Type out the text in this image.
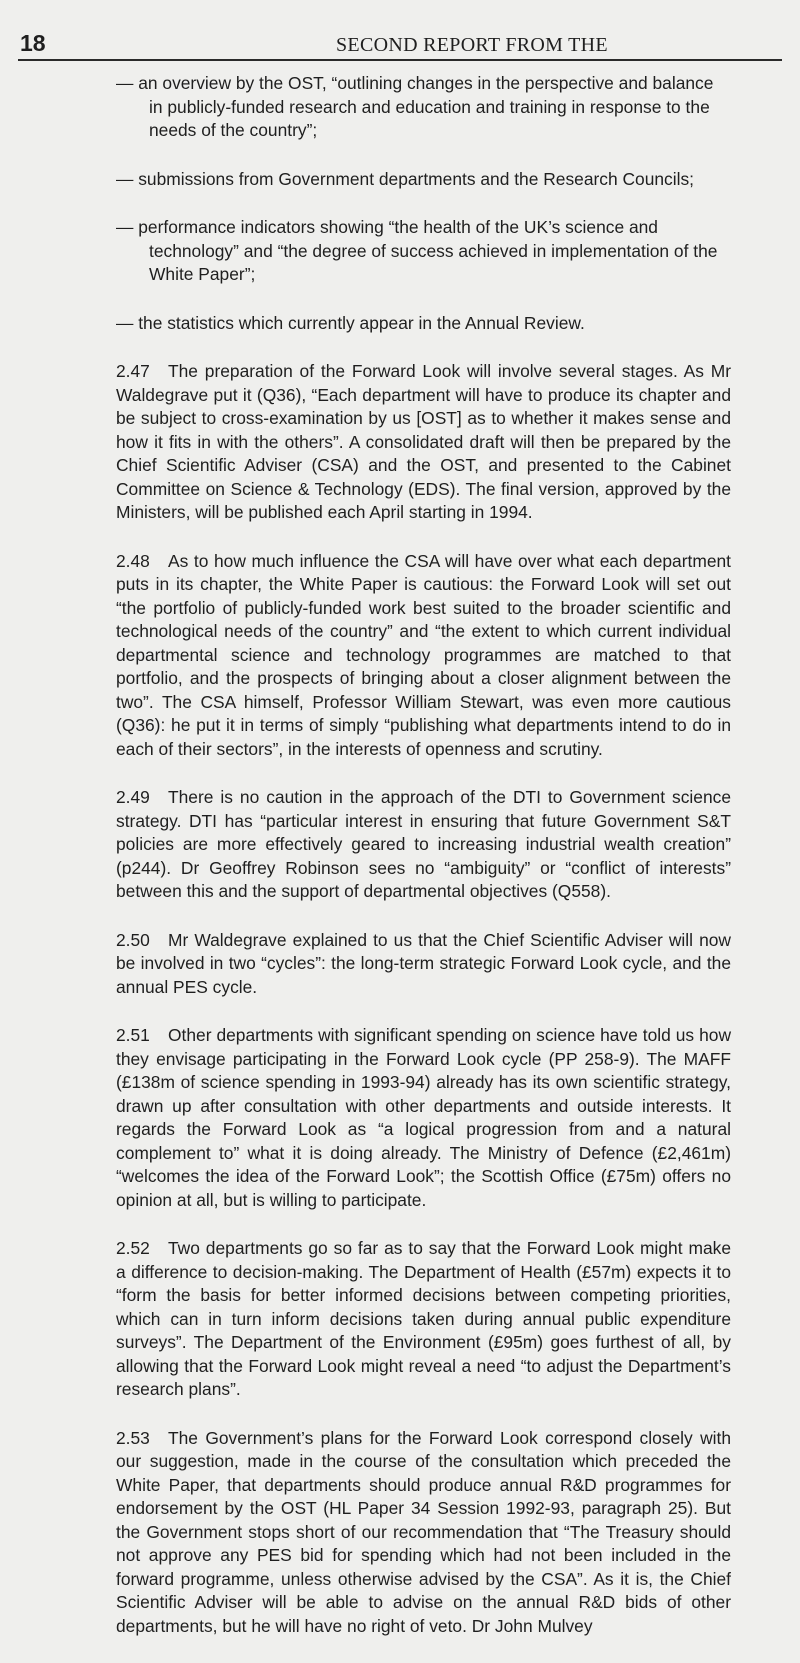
18	SECOND REPORT FROM THE

— an overview by the OST, “outlining changes in the perspective and balance in publicly-funded research and education and training in response to the needs of the country”;

— submissions from Government departments and the Research Councils;

— performance indicators showing “the health of the UK’s science and technology” and “the degree of success achieved in implementation of the White Paper”;

— the statistics which currently appear in the Annual Review.

2.47 The preparation of the Forward Look will involve several stages. As Mr Waldegrave put it (Q36), “Each department will have to produce its chapter and be subject to cross-examination by us [OST] as to whether it makes sense and how it fits in with the others”. A consolidated draft will then be prepared by the Chief Scientific Adviser (CSA) and the OST, and presented to the Cabinet Committee on Science & Technology (EDS). The final version, approved by the Ministers, will be published each April starting in 1994.

2.48 As to how much influence the CSA will have over what each department puts in its chapter, the White Paper is cautious: the Forward Look will set out “the portfolio of publicly-funded work best suited to the broader scientific and technological needs of the country” and “the extent to which current individual departmental science and technology programmes are matched to that portfolio, and the prospects of bringing about a closer alignment between the two”. The CSA himself, Professor William Stewart, was even more cautious (Q36): he put it in terms of simply “publishing what departments intend to do in each of their sectors”, in the interests of openness and scrutiny.

2.49 There is no caution in the approach of the DTI to Government science strategy. DTI has “particular interest in ensuring that future Government S&T policies are more effectively geared to increasing industrial wealth creation” (p244). Dr Geoffrey Robinson sees no “ambiguity” or “conflict of interests” between this and the support of departmental objectives (Q558).

2.50 Mr Waldegrave explained to us that the Chief Scientific Adviser will now be involved in two “cycles”: the long-term strategic Forward Look cycle, and the annual PES cycle.

2.51 Other departments with significant spending on science have told us how they envisage participating in the Forward Look cycle (PP 258-9). The MAFF (£138m of science spending in 1993-94) already has its own scientific strategy, drawn up after consultation with other departments and outside interests. It regards the Forward Look as “a logical progression from and a natural complement to” what it is doing already. The Ministry of Defence (£2,461m) “welcomes the idea of the Forward Look”; the Scottish Office (£75m) offers no opinion at all, but is willing to participate.

2.52 Two departments go so far as to say that the Forward Look might make a difference to decision-making. The Department of Health (£57m) expects it to “form the basis for better informed decisions between competing priorities, which can in turn inform decisions taken during annual public expenditure surveys”. The Department of the Environment (£95m) goes furthest of all, by allowing that the Forward Look might reveal a need “to adjust the Department’s research plans”.

2.53 The Government’s plans for the Forward Look correspond closely with our suggestion, made in the course of the consultation which preceded the White Paper, that departments should produce annual R&D programmes for endorsement by the OST (HL Paper 34 Session 1992-93, paragraph 25). But the Government stops short of our recommendation that “The Treasury should not approve any PES bid for spending which had not been included in the forward programme, unless otherwise advised by the CSA”. As it is, the Chief Scientific Adviser will be able to advise on the annual R&D bids of other departments, but he will have no right of veto. Dr John Mulvey
